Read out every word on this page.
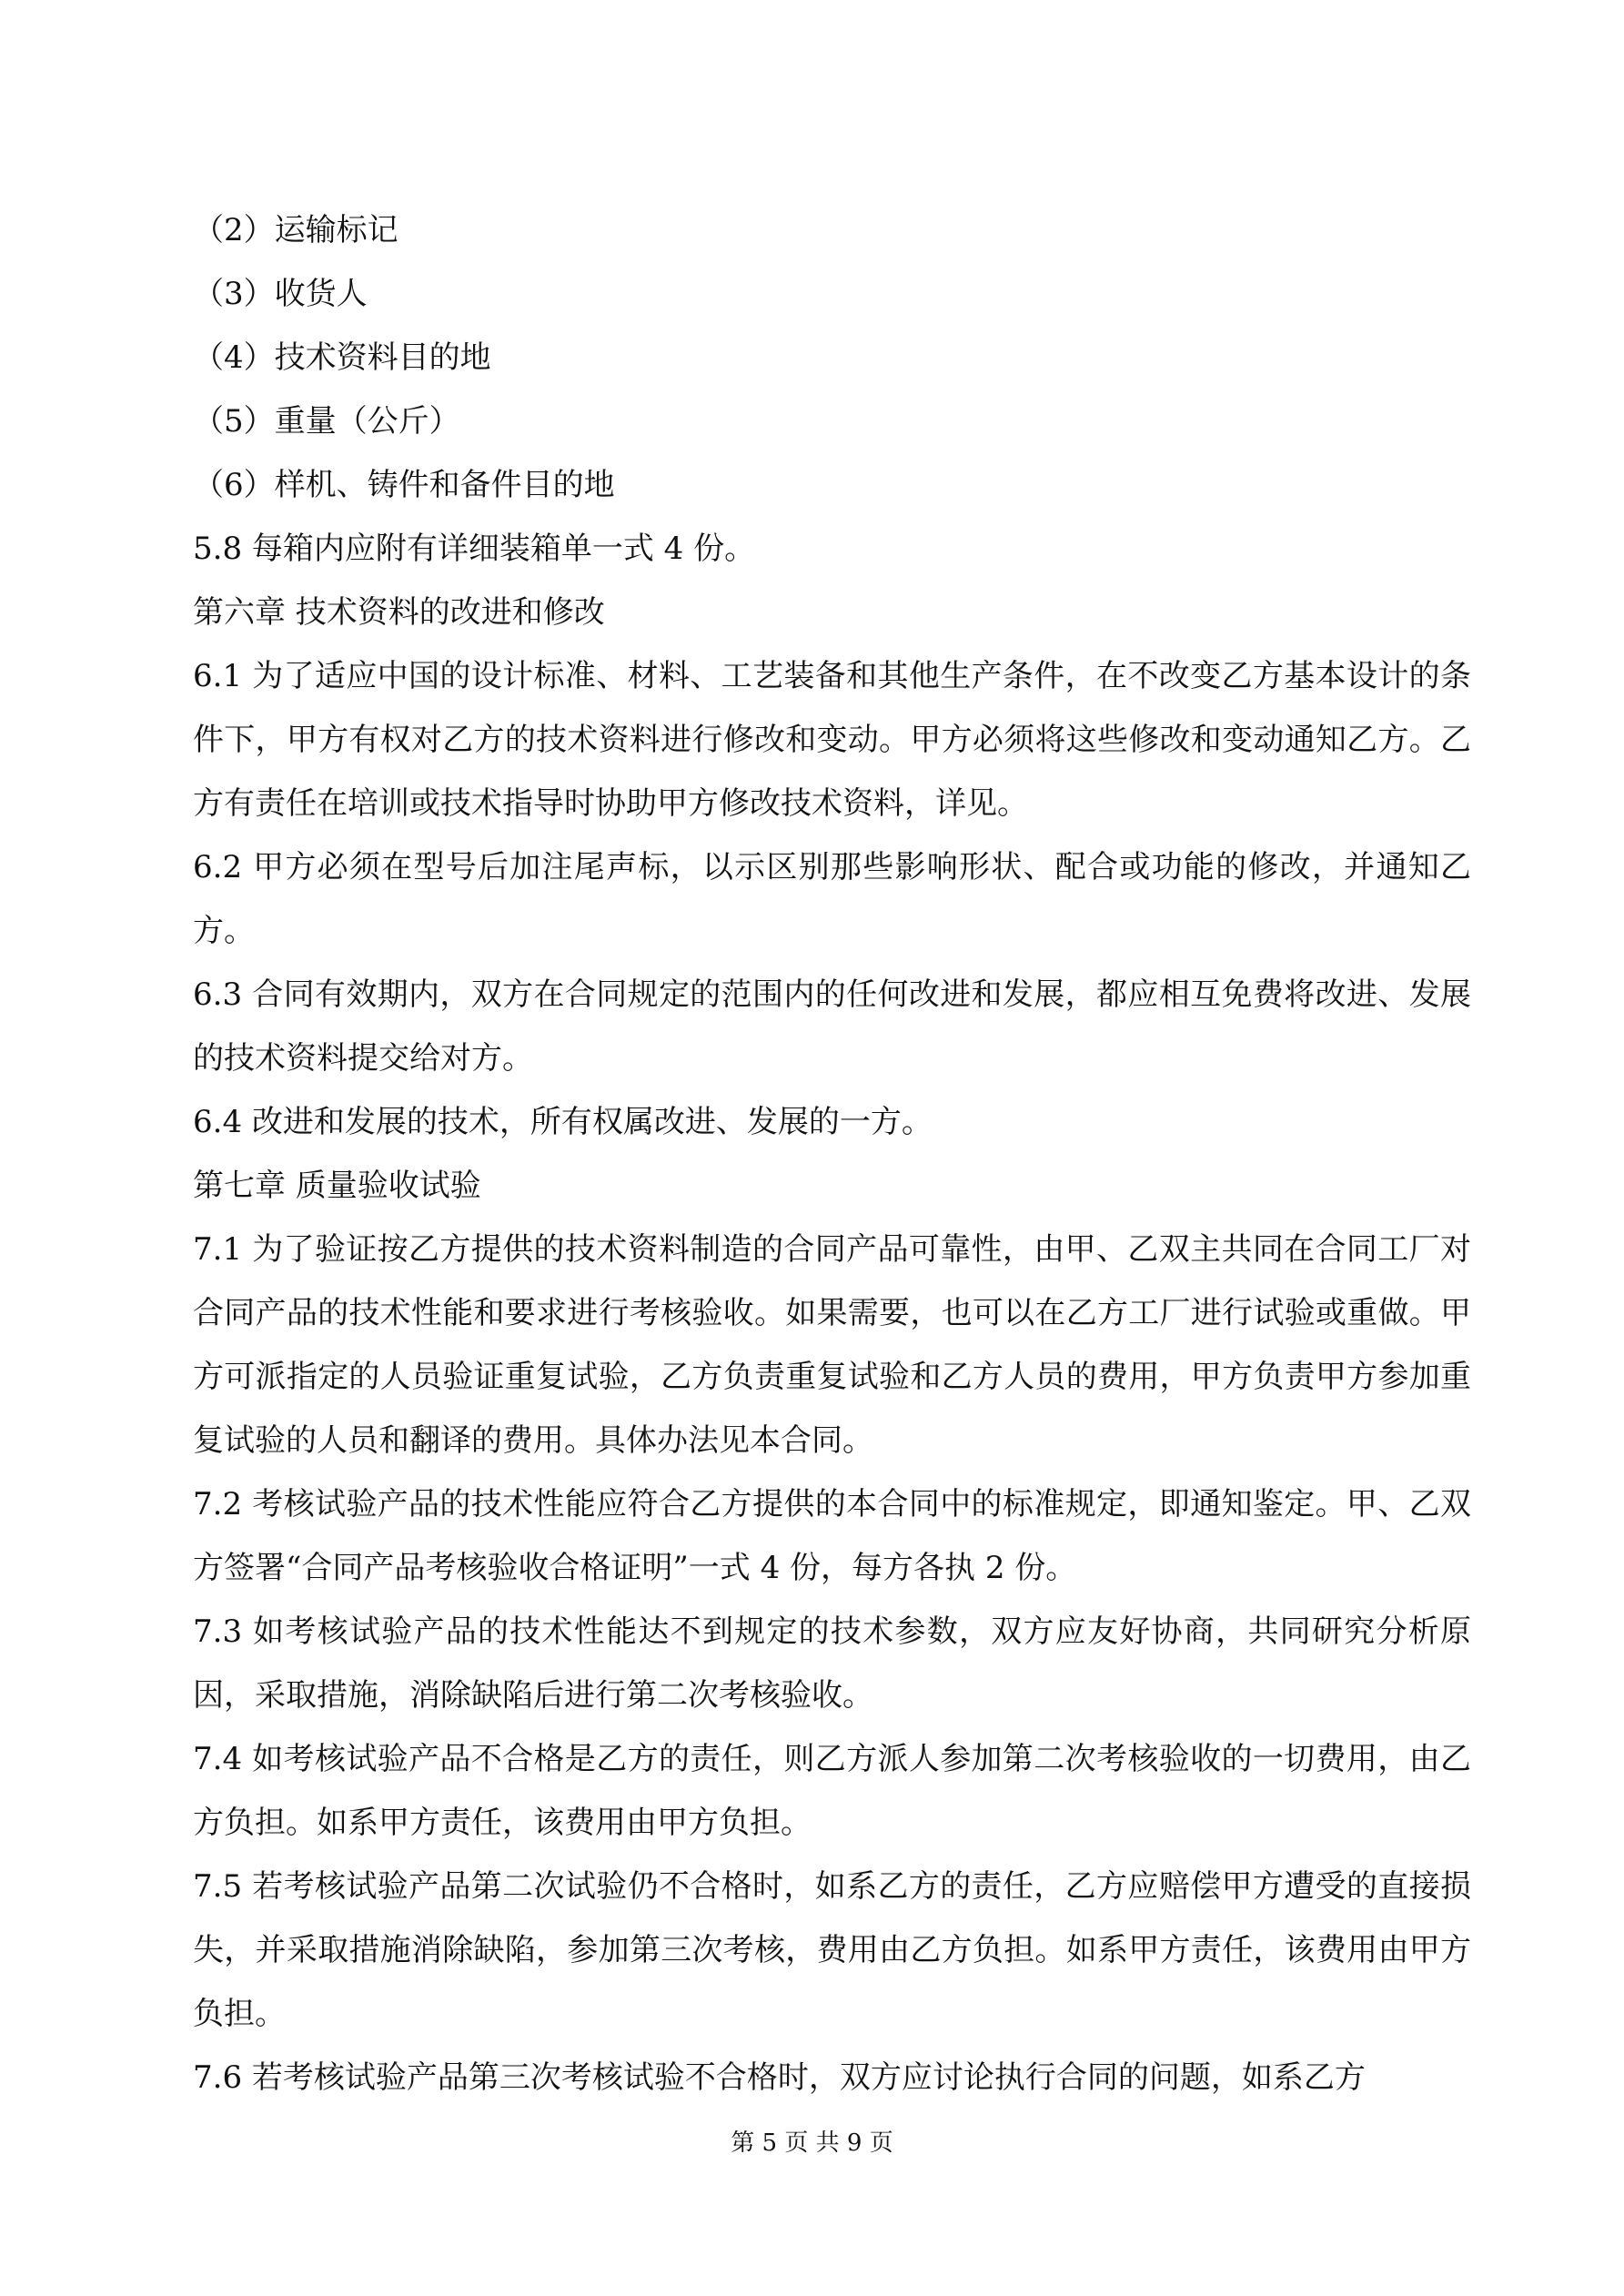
（2）运输标记

（3）收货人

（4）技术资料目的地

（5）重量（公斤）

（6）样机、铸件和备件目的地

5.8 每箱内应附有详细装箱单一式 4 份。

第六章 技术资料的改进和修改

6.1 为了适应中国的设计标准、材料、工艺装备和其他生产条件，在不改变乙方基本设计的条件下，甲方有权对乙方的技术资料进行修改和变动。甲方必须将这些修改和变动通知乙方。乙方有责任在培训或技术指导时协助甲方修改技术资料，详见。

6.2 甲方必须在型号后加注尾声标，以示区别那些影响形状、配合或功能的修改，并通知乙方。

6.3 合同有效期内，双方在合同规定的范围内的任何改进和发展，都应相互免费将改进、发展的技术资料提交给对方。

6.4 改进和发展的技术，所有权属改进、发展的一方。

第七章 质量验收试验

7.1 为了验证按乙方提供的技术资料制造的合同产品可靠性，由甲、乙双主共同在合同工厂对合同产品的技术性能和要求进行考核验收。如果需要，也可以在乙方工厂进行试验或重做。甲方可派指定的人员验证重复试验，乙方负责重复试验和乙方人员的费用，甲方负责甲方参加重复试验的人员和翻译的费用。具体办法见本合同。

7.2 考核试验产品的技术性能应符合乙方提供的本合同中的标准规定，即通知鉴定。甲、乙双方签署“合同产品考核验收合格证明”一式 4 份，每方各执 2 份。

7.3 如考核试验产品的技术性能达不到规定的技术参数，双方应友好协商，共同研究分析原因，采取措施，消除缺陷后进行第二次考核验收。

7.4 如考核试验产品不合格是乙方的责任，则乙方派人参加第二次考核验收的一切费用，由乙方负担。如系甲方责任，该费用由甲方负担。

7.5 若考核试验产品第二次试验仍不合格时，如系乙方的责任，乙方应赔偿甲方遭受的直接损失，并采取措施消除缺陷，参加第三次考核，费用由乙方负担。如系甲方责任，该费用由甲方负担。

7.6 若考核试验产品第三次考核试验不合格时，双方应讨论执行合同的问题，如系乙方

第 5 页 共 9 页
